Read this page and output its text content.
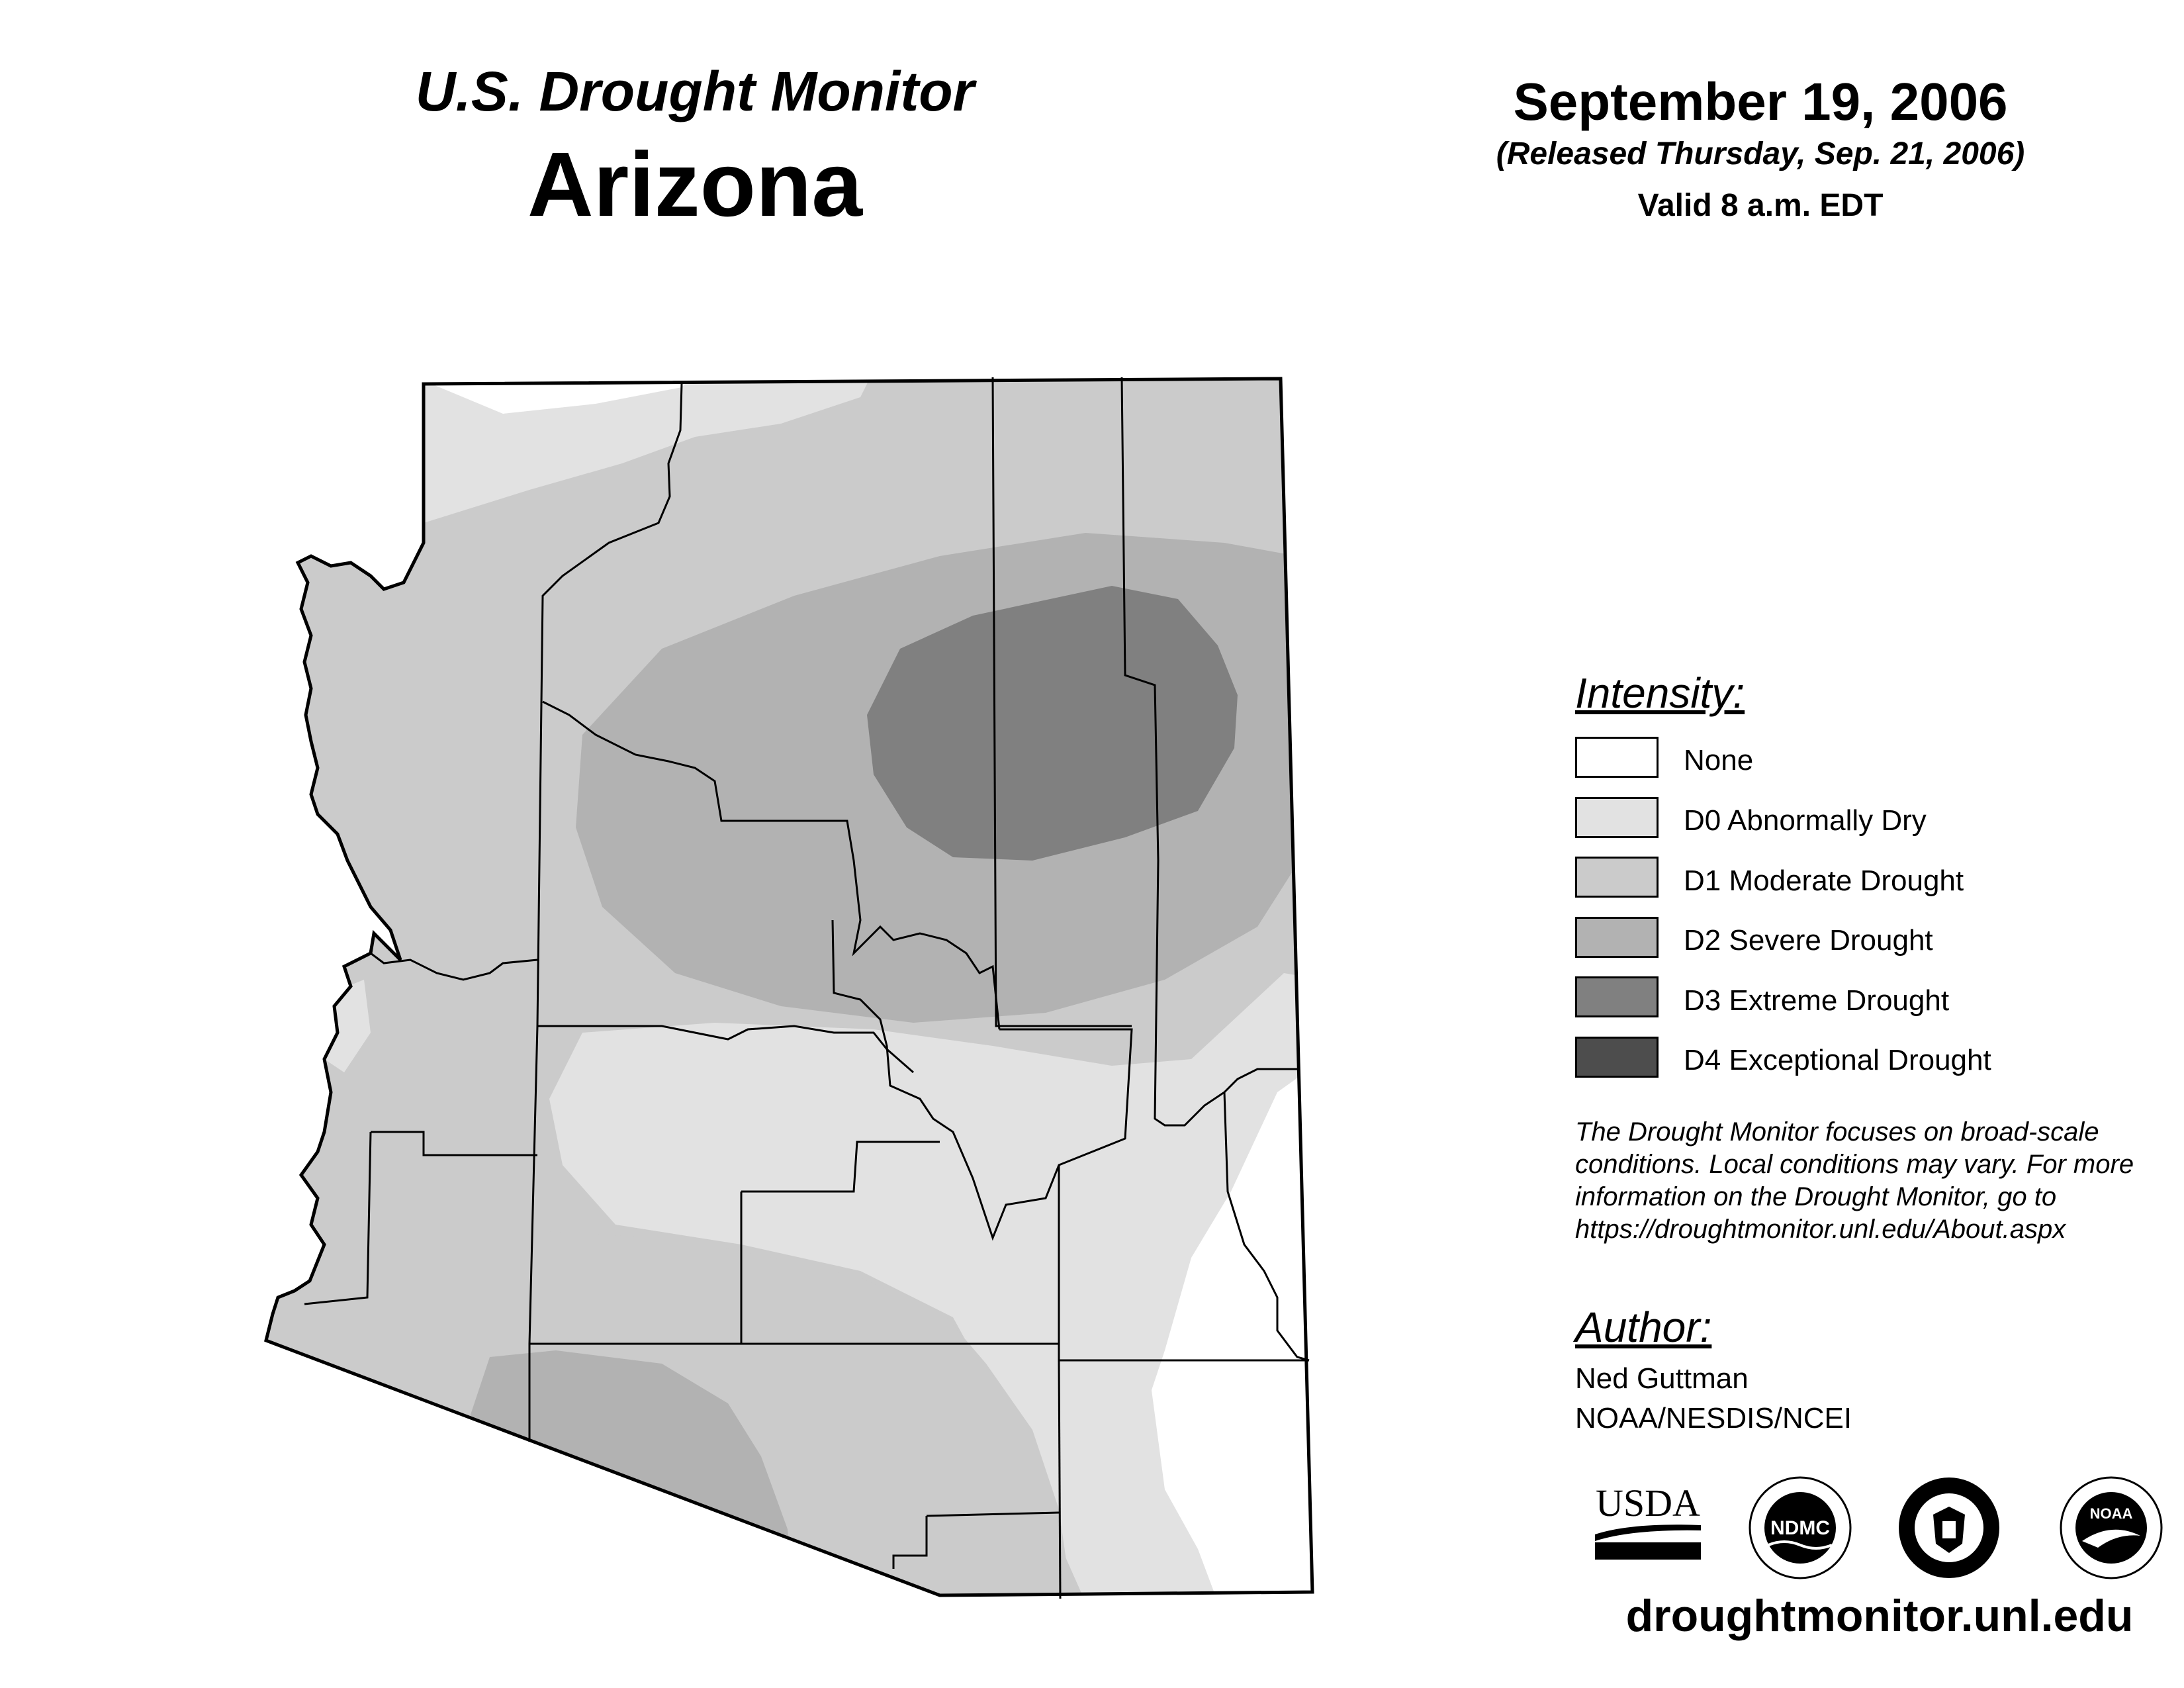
U.S. Drought Monitor
Arizona
September 19, 2006
(Released Thursday, Sep. 21, 2006)
Valid 8 a.m. EDT
Intensity:
None
D0 Abnormally Dry
D1 Moderate Drought
D2 Severe Drought
D3 Extreme Drought
D4 Exceptional Drought
The Drought Monitor focuses on broad-scale
conditions. Local conditions may vary. For more
information on the Drought Monitor, go to
https://droughtmonitor.unl.edu/About.aspx
Author:
Ned Guttman
NOAA/NESDIS/NCEI
USDA
NDMC
NOAA
droughtmonitor.unl.edu
